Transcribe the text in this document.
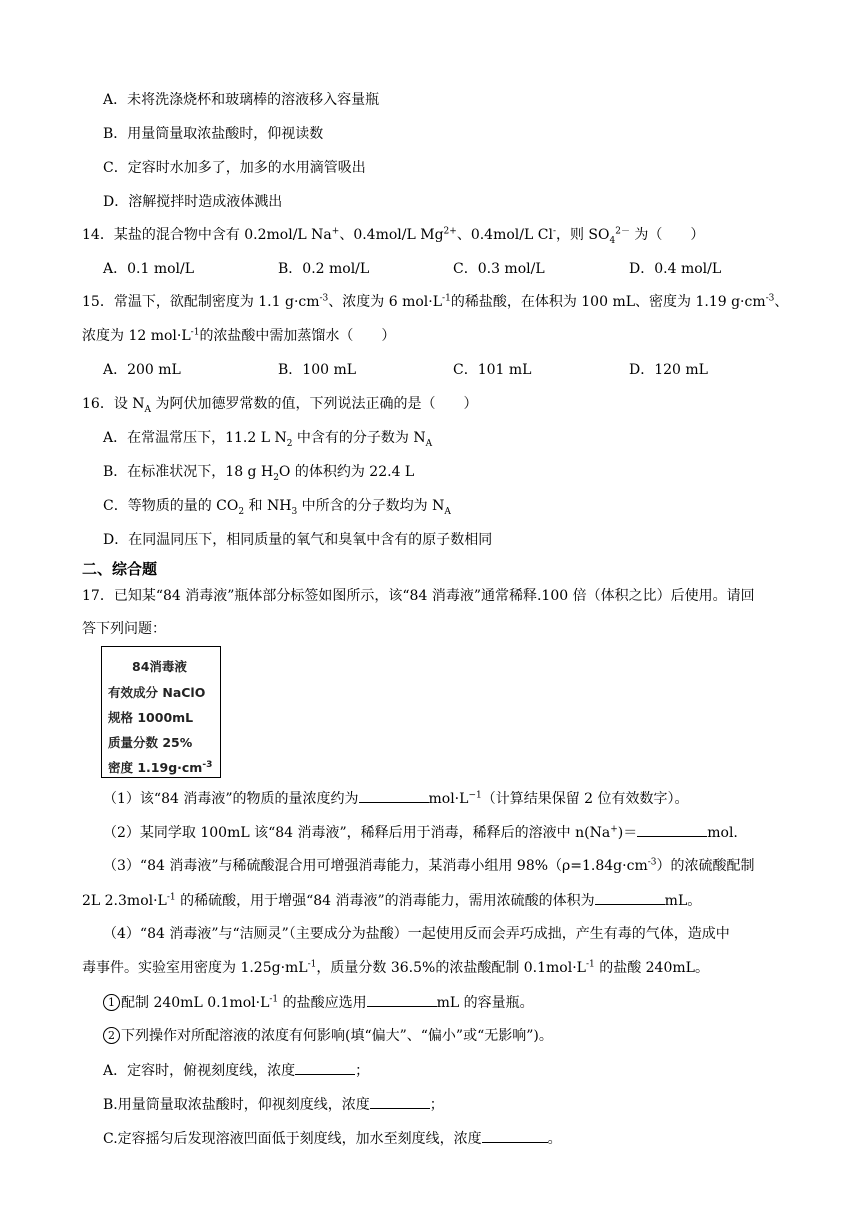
A．未将洗涤烧杯和玻璃棒的溶液移入容量瓶
B．用量筒量取浓盐酸时，仰视读数
C．定容时水加多了，加多的水用滴管吸出
D．溶解搅拌时造成液体溅出
14．某盐的混合物中含有 0.2mol/L Na+、0.4mol/L $Mg^{2+}$、0.4mol/L Cl-，则 $SO_4^{2-}$ 为（　　）
A．0.1 mol/L	B．0.2 mol/L	C．0.3 mol/L	D．0.4 mol/L
15．常温下，欲配制密度为 1.1 $g\cdot cm^{-3}$、浓度为 6 $mol\cdot L^{-1}$的稀盐酸，在体积为 100 mL、密度为 1.19 $g\cdot cm^{-3}$、
浓度为 12 $mol\cdot L^{-1}$的浓盐酸中需加蒸馏水（　　）
A．200 mL	B．100 mL	C．101 mL	D．120 mL
16．设 $N_A$ 为阿伏加德罗常数的值，下列说法正确的是（　　）
A．在常温常压下，11.2 L $N_2$ 中含有的分子数为 $N_A$
B．在标准状况下，18 g $H_2O$ 的体积约为 22.4 L
C．等物质的量的 $CO_2$ 和 $NH_3$ 中所含的分子数均为 $N_A$
D．在同温同压下，相同质量的氧气和臭氧中含有的原子数相同
二、综合题
17．已知某“84 消毒液”瓶体部分标签如图所示，该“84 消毒液”通常稀释.100 倍（体积之比）后使用。请回
答下列问题：
84消毒液
有效成分 NaClO
规格 1000mL
质量分数 25%
密度 $1.19g\cdot cm^{-3}$
（1）该“84 消毒液”的物质的量浓度约为	$mol\cdot L^{-1}$（计算结果保留 2 位有效数字）。
（2）某同学取 100mL 该“84 消毒液”，稀释后用于消毒，稀释后的溶液中 n(Na+)＝	mol.
（3）“84 消毒液”与稀硫酸混合用可增强消毒能力，某消毒小组用 $98\%(\rho=1.84g\cdot cm^{-3})$的浓硫酸配制
2L $2.3mol\cdot L^{-1}$ 的稀硫酸，用于增强“84 消毒液”的消毒能力，需用浓硫酸的体积为	mL。
（4）“84 消毒液”与“洁厕灵”（主要成分为盐酸）一起使用反而会弄巧成拙，产生有毒的气体，造成中
毒事件。实验室用密度为 $1.25g\cdot mL^{-1}$，质量分数 36.5%的浓盐酸配制 $0.1mol\cdot L^{-1}$ 的盐酸 240mL。
1 配制 240mL $0.1mol\cdot L^{-1}$ 的盐酸应选用	mL 的容量瓶。
2 下列操作对所配溶液的浓度有何影响(填“偏大”、“偏小”或“无影响”)。
A．定容时，俯视刻度线，浓度	；
B.用量筒量取浓盐酸时，仰视刻度线，浓度	；
C.定容摇匀后发现溶液凹面低于刻度线，加水至刻度线，浓度	。
